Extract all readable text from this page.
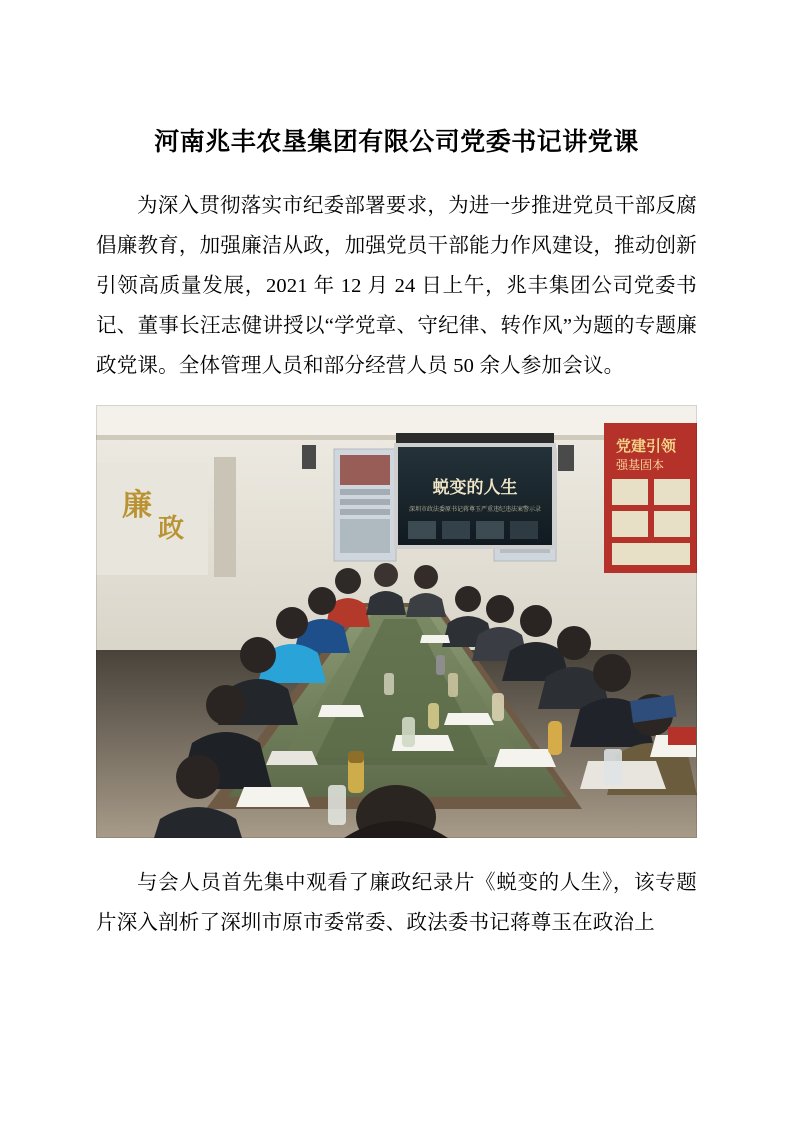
河南兆丰农垦集团有限公司党委书记讲党课

为深入贯彻落实市纪委部署要求，为进一步推进党员干部反腐倡廉教育，加强廉洁从政，加强党员干部能力作风建设，推动创新引领高质量发展，2021 年 12 月 24 日上午，兆丰集团公司党委书记、董事长汪志健讲授以“学党章、守纪律、转作风”为题的专题廉政党课。全体管理人员和部分经营人员 50 余人参加会议。

廉
政
党建引领
强基固本
蜕变的人生
深圳市政法委原书记蒋尊玉严重违纪违法案警示录

与会人员首先集中观看了廉政纪录片《蜕变的人生》，该专题片深入剖析了深圳市原市委常委、政法委书记蒋尊玉在政治上
